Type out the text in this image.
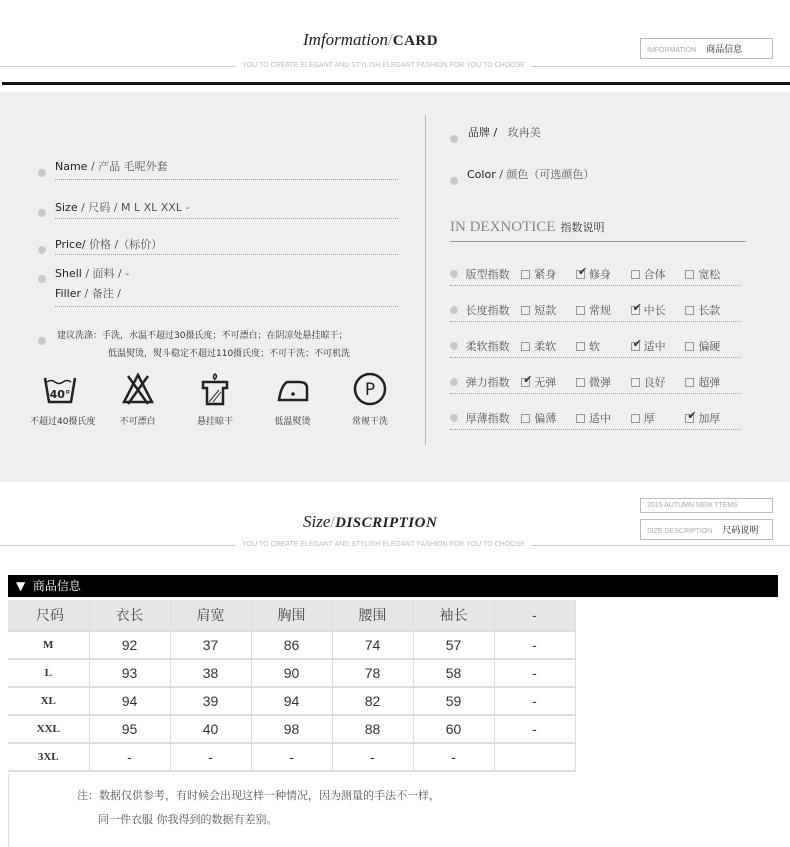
Imformation/CARD
IMFORMATION 商品信息
YOU TO CREATE ELEGANT AND STYLISH ELEGANT FASHION FOR YOU TO CHOOSE
Name / 产品 毛呢外套
Size / 尺码 / M L XL XXL -
Price/ 价格 /（标价）
Shell / 面料 / -
Filler / 备注 /
建议洗涤：手洗，水温不超过30摄氏度；不可漂白；在阴凉处悬挂晾干；
低温熨烫，熨斗稳定不超过110摄氏度；不可干洗；不可机洗
40°
不超过40摄氏度	不可漂白	悬挂晾干	低温熨烫
P
常规干洗
品牌 / 玫冉美
Color / 颜色（可选颜色）
IN DEXNOTICE 指数说明
版型指数	紧身 ✔	修身	合体	宽松
长度指数	短款	常规 ✔	中长	长款
柔软指数	柔软	软 ✔	适中	偏硬
弹力指数 ✔	无弹	微弹	良好	超弹
厚薄指数	偏薄	适中	厚 ✔	加厚
Size/DISCRIPTION
2015 AUTUMN NEW TTEMS
SIZE DESCRIPTION 尺码说明
YOU TO CREATE ELEGANT AND STYLISH ELEGANT FASHION FOR YOU TO CHOOSE
▼ 商品信息
尺码	衣长	肩宽	胸围	腰围	袖长	-
M	92	37	86	74	57	-
L	93	38	90	78	58	-
XL	94	39	94	82	59	-
XXL	95	40	98	88	60	-
3XL	-	-	-	-	-	
注：数据仅供参考，有时候会出现这样一种情况，因为测量的手法不一样，
同一件衣服 你我得到的数据有差别。
